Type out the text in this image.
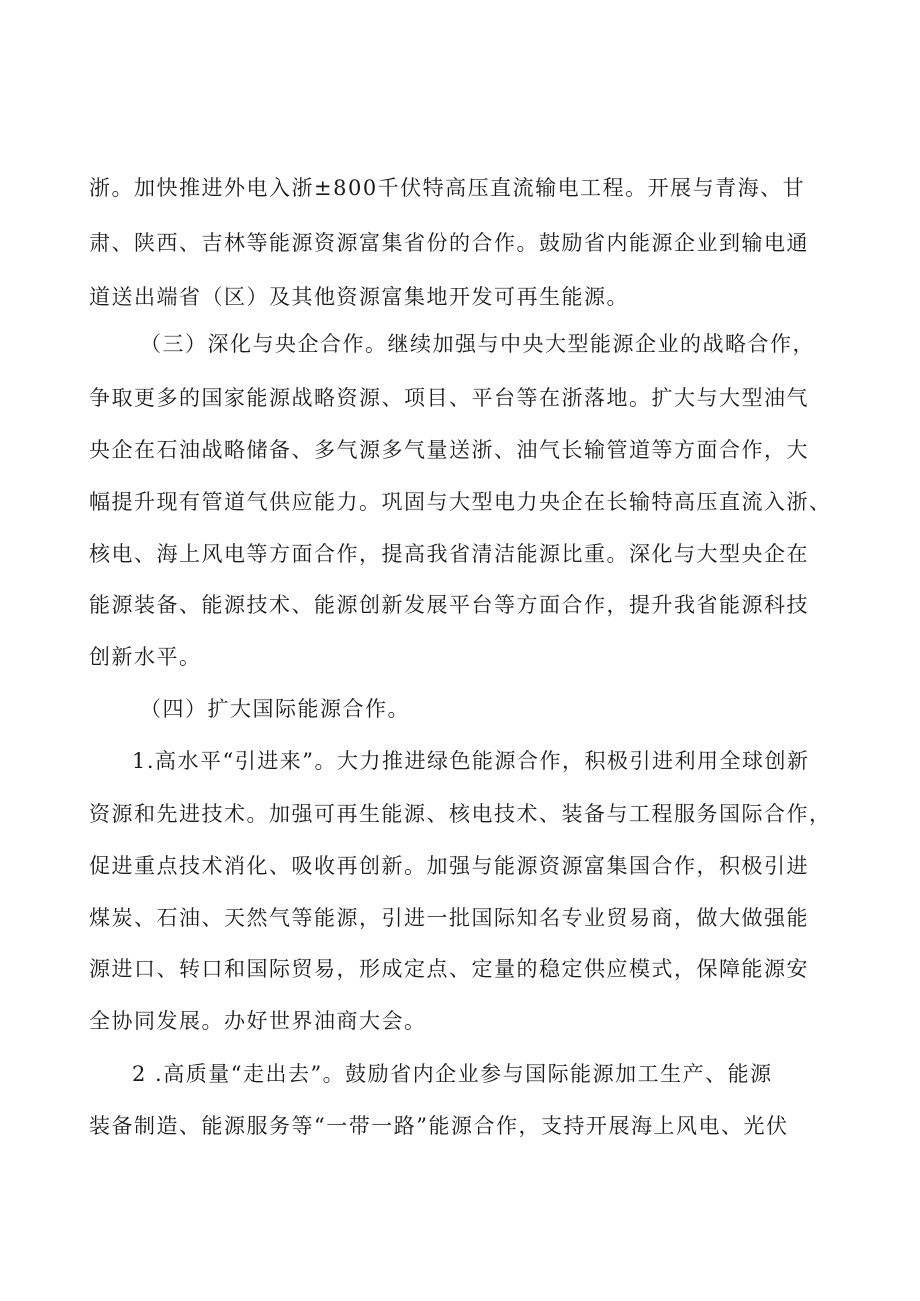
浙。加快推进外电入浙±800千伏特高压直流输电工程。开展与青海、甘
肃、陕西、吉林等能源资源富集省份的合作。鼓励省内能源企业到输电通
道送出端省（区）及其他资源富集地开发可再生能源。
（三）深化与央企合作。继续加强与中央大型能源企业的战略合作，
争取更多的国家能源战略资源、项目、平台等在浙落地。扩大与大型油气
央企在石油战略储备、多气源多气量送浙、油气长输管道等方面合作，大
幅提升现有管道气供应能力。巩固与大型电力央企在长输特高压直流入浙、
核电、海上风电等方面合作，提高我省清洁能源比重。深化与大型央企在
能源装备、能源技术、能源创新发展平台等方面合作，提升我省能源科技
创新水平。
（四）扩大国际能源合作。
1.高水平“引进来”。大力推进绿色能源合作，积极引进利用全球创新
资源和先进技术。加强可再生能源、核电技术、装备与工程服务国际合作，
促进重点技术消化、吸收再创新。加强与能源资源富集国合作，积极引进
煤炭、石油、天然气等能源，引进一批国际知名专业贸易商，做大做强能
源进口、转口和国际贸易，形成定点、定量的稳定供应模式，保障能源安
全协同发展。办好世界油商大会。
2 .高质量“走出去”。鼓励省内企业参与国际能源加工生产、能源
装备制造、能源服务等“一带一路”能源合作，支持开展海上风电、光伏
